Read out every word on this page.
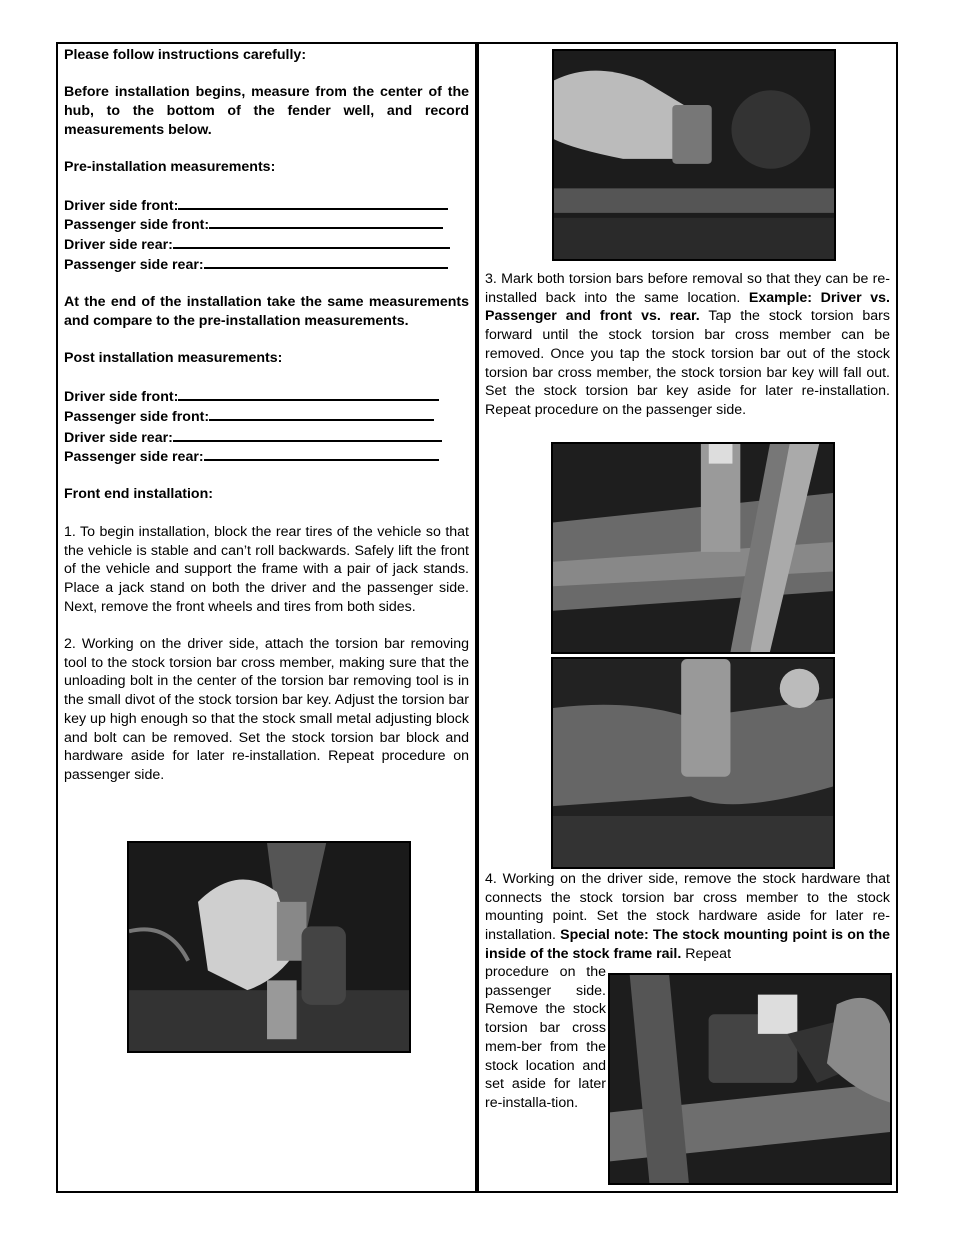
Please follow instructions carefully:

Before installation begins, measure from the center of the hub, to the bottom of the fender well, and record measurements below.

Pre-installation measurements:

Driver side front:
Passenger side front:
Driver side rear:
Passenger side rear:

At the end of the installation take the same measurements and compare to the pre-installation measurements.

Post installation measurements:

Driver side front:
Passenger side front:
Driver side rear:
Passenger side rear:

Front end installation:

1. To begin installation, block the rear tires of the vehicle so that the vehicle is stable and can’t roll backwards. Safely lift the front of the vehicle and support the frame with a pair of jack stands. Place a jack stand on both the driver and the passenger side. Next, remove the front wheels and tires from both sides.

2. Working on the driver side, attach the torsion bar removing tool to the stock torsion bar cross member, making sure that the unloading bolt in the center of the torsion bar removing tool is in the small divot of the stock torsion bar key. Adjust the torsion bar key up high enough so that the stock small metal adjusting block and bolt can be removed. Set the stock torsion bar block and hardware aside for later re-installation. Repeat procedure on passenger side.

3. Mark both torsion bars before removal so that they can be re-installed back into the same location. Example: Driver vs. Passenger and front vs. rear. Tap the stock torsion bars forward until the stock torsion bar cross member can be removed. Once you tap the stock torsion bar out of the stock torsion bar cross member, the stock torsion bar key will fall out. Set the stock torsion bar key aside for later re-installation. Repeat procedure on the passenger side.

4. Working on the driver side, remove the stock hardware that connects the stock torsion bar cross member to the stock mounting point. Set the stock hardware aside for later re-installation. Special note: The stock mounting point is on the inside of the stock frame rail. Repeat

procedure on the passenger side. Remove the stock torsion bar cross mem-ber from the stock location and set aside for later re-installa-tion.
